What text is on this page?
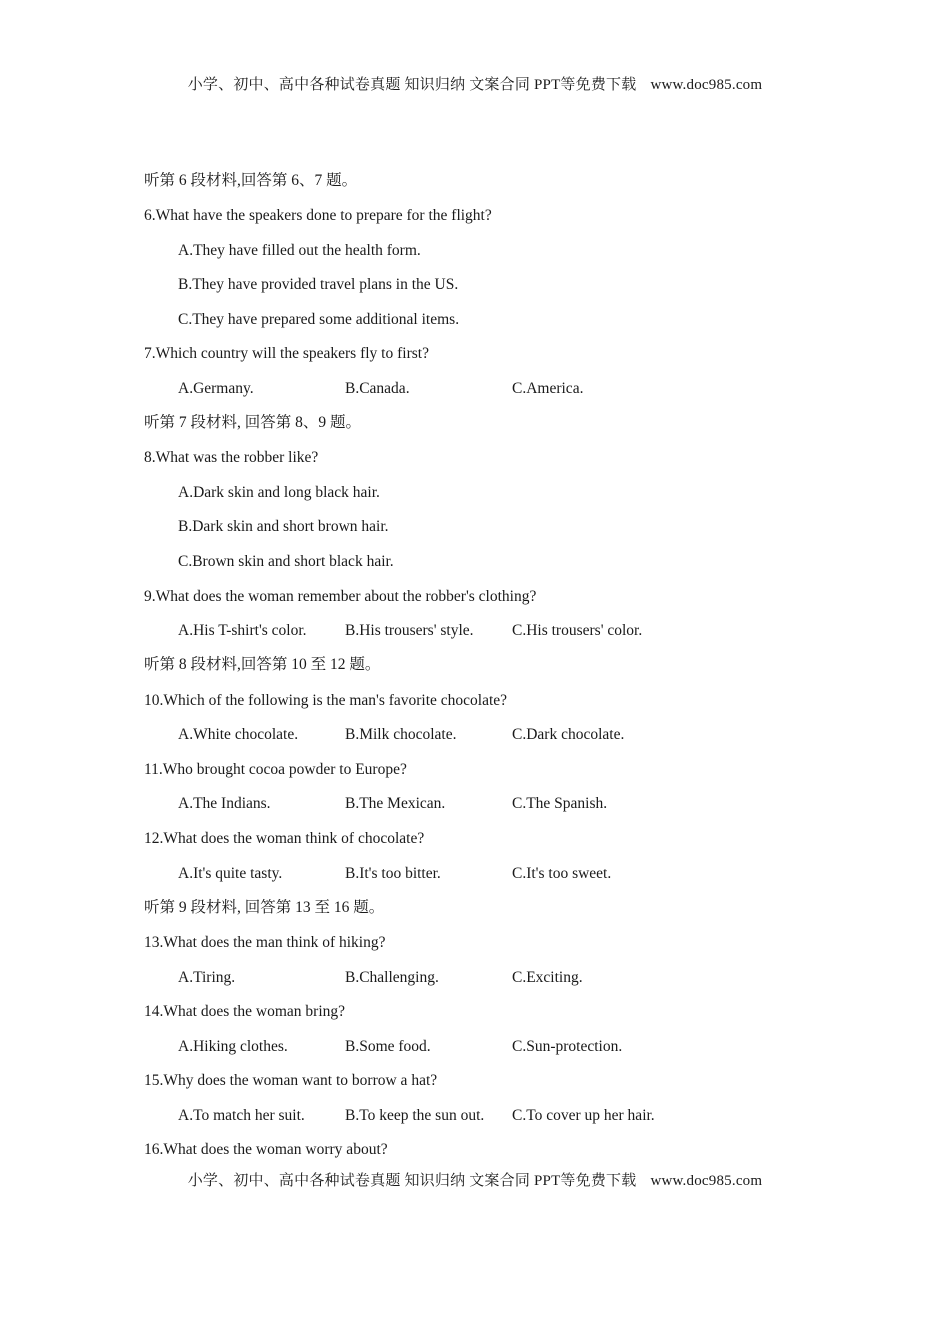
小学、初中、高中各种试卷真题 知识归纳 文案合同 PPT等免费下载 www.doc985.com
听第 6 段材料,回答第 6、7 题。
6.What have the speakers done to prepare for the flight?
A.They have filled out the health form.
B.They have provided travel plans in the US.
C.They have prepared some additional items.
7.Which country will the speakers fly to first?
A.Germany.	B.Canada.	C.America.
听第 7 段材料, 回答第 8、9 题。
8.What was the robber like?
A.Dark skin and long black hair.
B.Dark skin and short brown hair.
C.Brown skin and short black hair.
9.What does the woman remember about the robber's clothing?
A.His T-shirt's color. B.His trousers' style. C.His trousers' color.
听第 8 段材料,回答第 10 至 12 题。
10.Which of the following is the man's favorite chocolate?
A.White chocolate.	B.Milk chocolate.	C.Dark chocolate.
11.Who brought cocoa powder to Europe?
A.The Indians.	B.The Mexican.	C.The Spanish.
12.What does the woman think of chocolate?
A.It's quite tasty.	B.It's too bitter.	C.It's too sweet.
听第 9 段材料, 回答第 13 至 16 题。
13.What does the man think of hiking?
A.Tiring.	B.Challenging.	C.Exciting.
14.What does the woman bring?
A.Hiking clothes.	B.Some food.	C.Sun-protection.
15.Why does the woman want to borrow a hat?
A.To match her suit.	B.To keep the sun out. C.To cover up her hair.
16.What does the woman worry about?
小学、初中、高中各种试卷真题 知识归纳 文案合同 PPT等免费下载 www.doc985.com
